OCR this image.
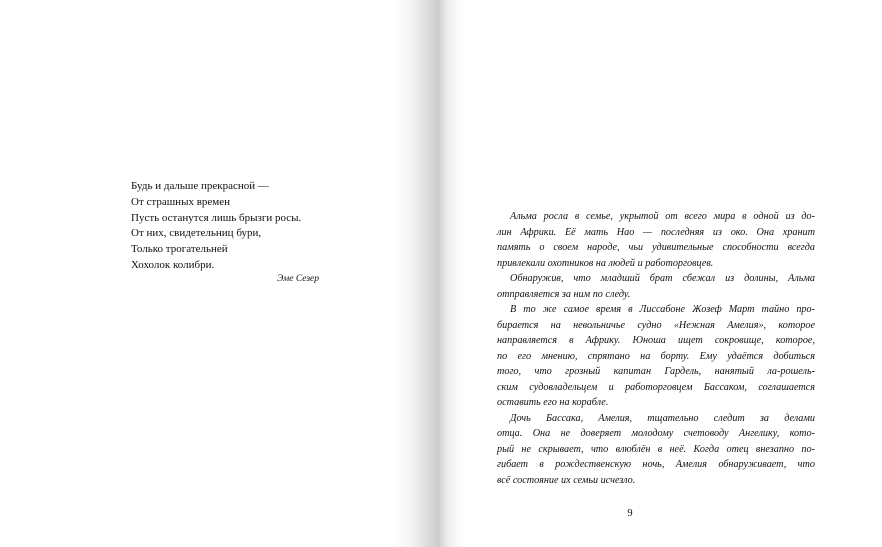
Будь и дальше прекрасной —
От страшных времен
Пусть останутся лишь брызги росы.
От них, свидетельниц бури,
Только трогательней
Хохолок колибри.
Эме Сезер
Альма росла в семье, укрытой от всего мира в одной из до-
лин Африки. Её мать Нао — последняя из око. Она хранит
память о своем народе, чьи удивительные способности всегда
привлекали охотников на людей и работорговцев.
Обнаружив, что младший брат сбежал из долины, Альма
отправляется за ним по следу.
В то же самое время в Лиссабоне Жозеф Март тайно про-
бирается на невольничье судно «Нежная Амелия», которое
направляется в Африку. Юноша ищет сокровище, которое,
по его мнению, спрятано на борту. Ему удаётся добиться
того, что грозный капитан Гардель, нанятый ла-рошель-
ским судовладельцем и работорговцем Бассаком, соглашается
оставить его на корабле.
Дочь Бассака, Амелия, тщательно следит за делами
отца. Она не доверяет молодому счетоводу Ангелику, кото-
рый не скрывает, что влюблён в неё. Когда отец внезапно по-
гибает в рождественскую ночь, Амелия обнаруживает, что
всё состояние их семьи исчезло.
9
